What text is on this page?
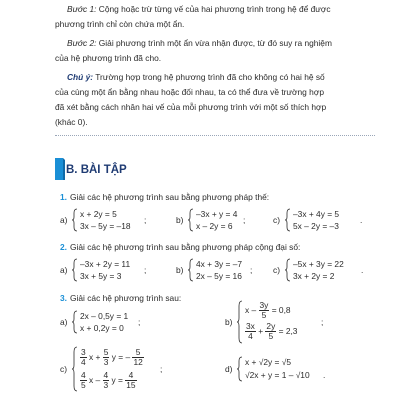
Bước 1: Cộng hoặc trừ từng vế của hai phương trình trong hệ để được
phương trình chỉ còn chứa một ẩn.
Bước 2: Giải phương trình một ẩn vừa nhận được, từ đó suy ra nghiệm
của hệ phương trình đã cho.
Chú ý: Trường hợp trong hệ phương trình đã cho không có hai hệ số
của cùng một ẩn bằng nhau hoặc đối nhau, ta có thể đưa về trường hợp
đã xét bằng cách nhân hai vế của mỗi phương trình với một số thích hợp
(khác 0).
B. BÀI TẬP
1. Giải các hệ phương trình sau bằng phương pháp thế:
a)
x + 2y = 5
3x – 5y = –18
;	b)
–3x + y = 4
x – 2y = 6
;	c)
–3x + 4y = 5
5x – 2y = –3
.
2. Giải các hệ phương trình sau bằng phương pháp cộng đại số:
a)
–3x + 2y = 11
3x + 5y = 3
;	b)
4x + 3y = –7
2x – 5y = 16
; c)
–5x + 3y = 22
3x + 2y = 2
.
3. Giải các hệ phương trình sau:
a)
2x – 0,5y = 1
x + 0,2y = 0
;	b)
$x - \frac{3y}{5} = 0,8$
$\frac{3x}{4} + \frac{2y}{5} = 2,3$
;
c)
$\frac{3}{4}$ $x + \frac{5}{3}$ y = – $\frac{5}{12}$
$\frac{4}{5}$ x – $\frac{4}{3}$ $y = \frac{4}{15}$
;	d)
x + √2y = √5
√2x + y = 1 – √10 .
